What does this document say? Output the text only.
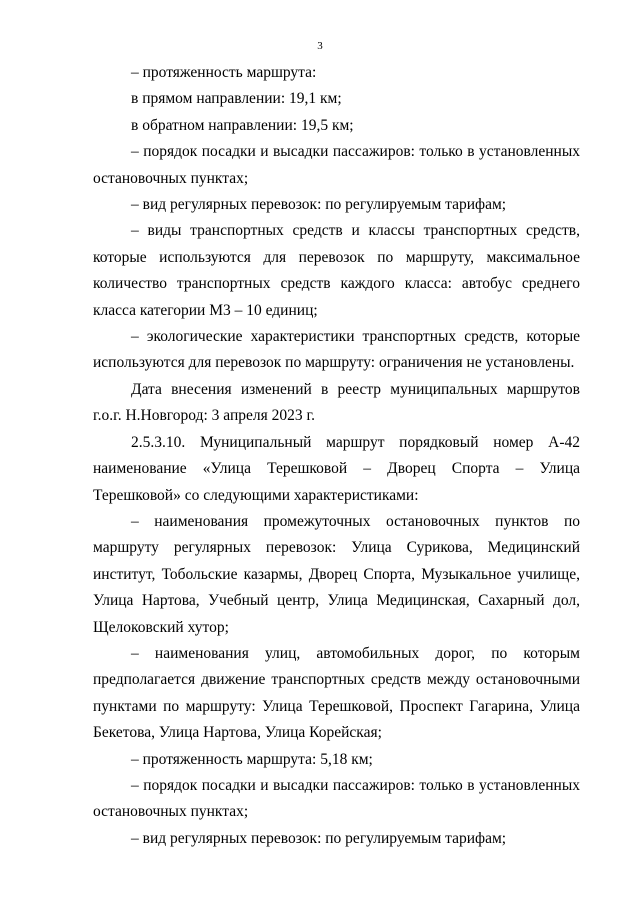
3

– протяженность маршрута:

в прямом направлении: 19,1 км;

в обратном направлении: 19,5 км;

– порядок посадки и высадки пассажиров: только в установленных остановочных пунктах;

– вид регулярных перевозок: по регулируемым тарифам;

– виды транспортных средств и классы транспортных средств, которые используются для перевозок по маршруту, максимальное количество транспортных средств каждого класса: автобус среднего класса категории М3 – 10 единиц;

– экологические характеристики транспортных средств, которые используются для перевозок по маршруту: ограничения не установлены.

Дата внесения изменений в реестр муниципальных маршрутов г.о.г. Н.Новгород: 3 апреля 2023 г.

2.5.3.10. Муниципальный маршрут порядковый номер А-42 наименование «Улица Терешковой – Дворец Спорта – Улица Терешковой» со следующими характеристиками:

– наименования промежуточных остановочных пунктов по маршруту регулярных перевозок: Улица Сурикова, Медицинский институт, Тобольские казармы, Дворец Спорта, Музыкальное училище, Улица Нартова, Учебный центр, Улица Медицинская, Сахарный дол, Щелоковский хутор;

– наименования улиц, автомобильных дорог, по которым предполагается движение транспортных средств между остановочными пунктами по маршруту: Улица Терешковой, Проспект Гагарина, Улица Бекетова, Улица Нартова, Улица Корейская;

– протяженность маршрута: 5,18 км;

– порядок посадки и высадки пассажиров: только в установленных остановочных пунктах;

– вид регулярных перевозок: по регулируемым тарифам;
